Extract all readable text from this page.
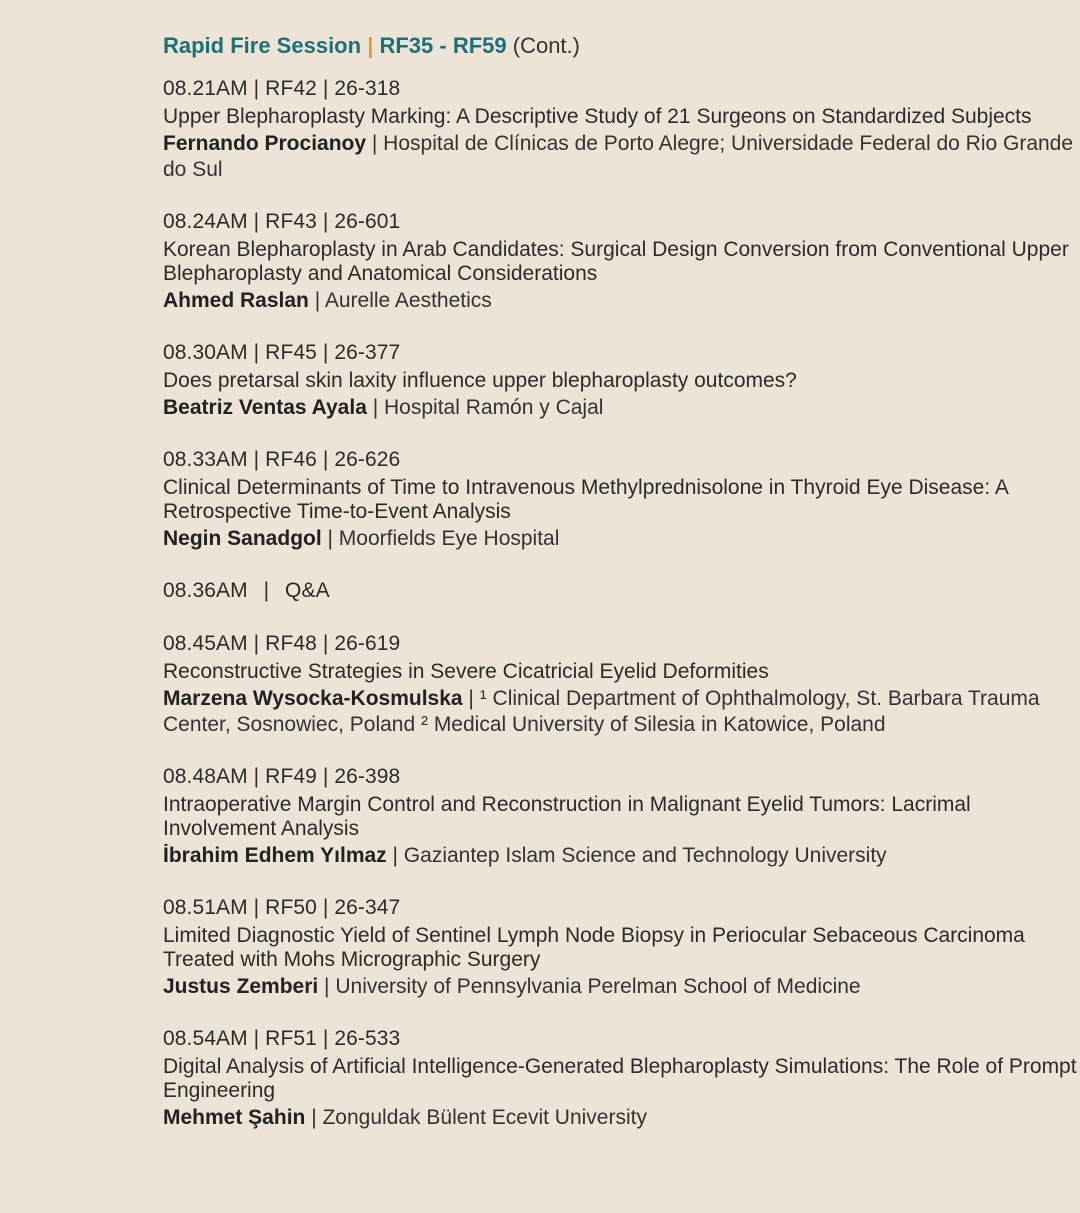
Rapid Fire Session | RF35 - RF59 (Cont.)
08.21AM | RF42 | 26-318
Upper Blepharoplasty Marking: A Descriptive Study of 21 Surgeons on Standardized Subjects
Fernando Procianoy | Hospital de Clínicas de Porto Alegre; Universidade Federal do Rio Grande do Sul
08.24AM | RF43 | 26-601
Korean Blepharoplasty in Arab Candidates: Surgical Design Conversion from Conventional Upper Blepharoplasty and Anatomical Considerations
Ahmed Raslan | Aurelle Aesthetics
08.30AM | RF45 | 26-377
Does pretarsal skin laxity influence upper blepharoplasty outcomes?
Beatriz Ventas Ayala | Hospital Ramón y Cajal
08.33AM | RF46 | 26-626
Clinical Determinants of Time to Intravenous Methylprednisolone in Thyroid Eye Disease: A Retrospective Time-to-Event Analysis
Negin Sanadgol | Moorfields Eye Hospital
08.36AM  |  Q&A
08.45AM | RF48 | 26-619
Reconstructive Strategies in Severe Cicatricial Eyelid Deformities
Marzena Wysocka-Kosmulska | ¹ Clinical Department of Ophthalmology, St. Barbara Trauma Center, Sosnowiec, Poland ² Medical University of Silesia in Katowice, Poland
08.48AM | RF49 | 26-398
Intraoperative Margin Control and Reconstruction in Malignant Eyelid Tumors: Lacrimal Involvement Analysis
İbrahim Edhem Yılmaz | Gaziantep Islam Science and Technology University
08.51AM | RF50 | 26-347
Limited Diagnostic Yield of Sentinel Lymph Node Biopsy in Periocular Sebaceous Carcinoma Treated with Mohs Micrographic Surgery
Justus Zemberi | University of Pennsylvania Perelman School of Medicine
08.54AM | RF51 | 26-533
Digital Analysis of Artificial Intelligence-Generated Blepharoplasty Simulations: The Role of Prompt Engineering
Mehmet Şahin | Zonguldak Bülent Ecevit University
